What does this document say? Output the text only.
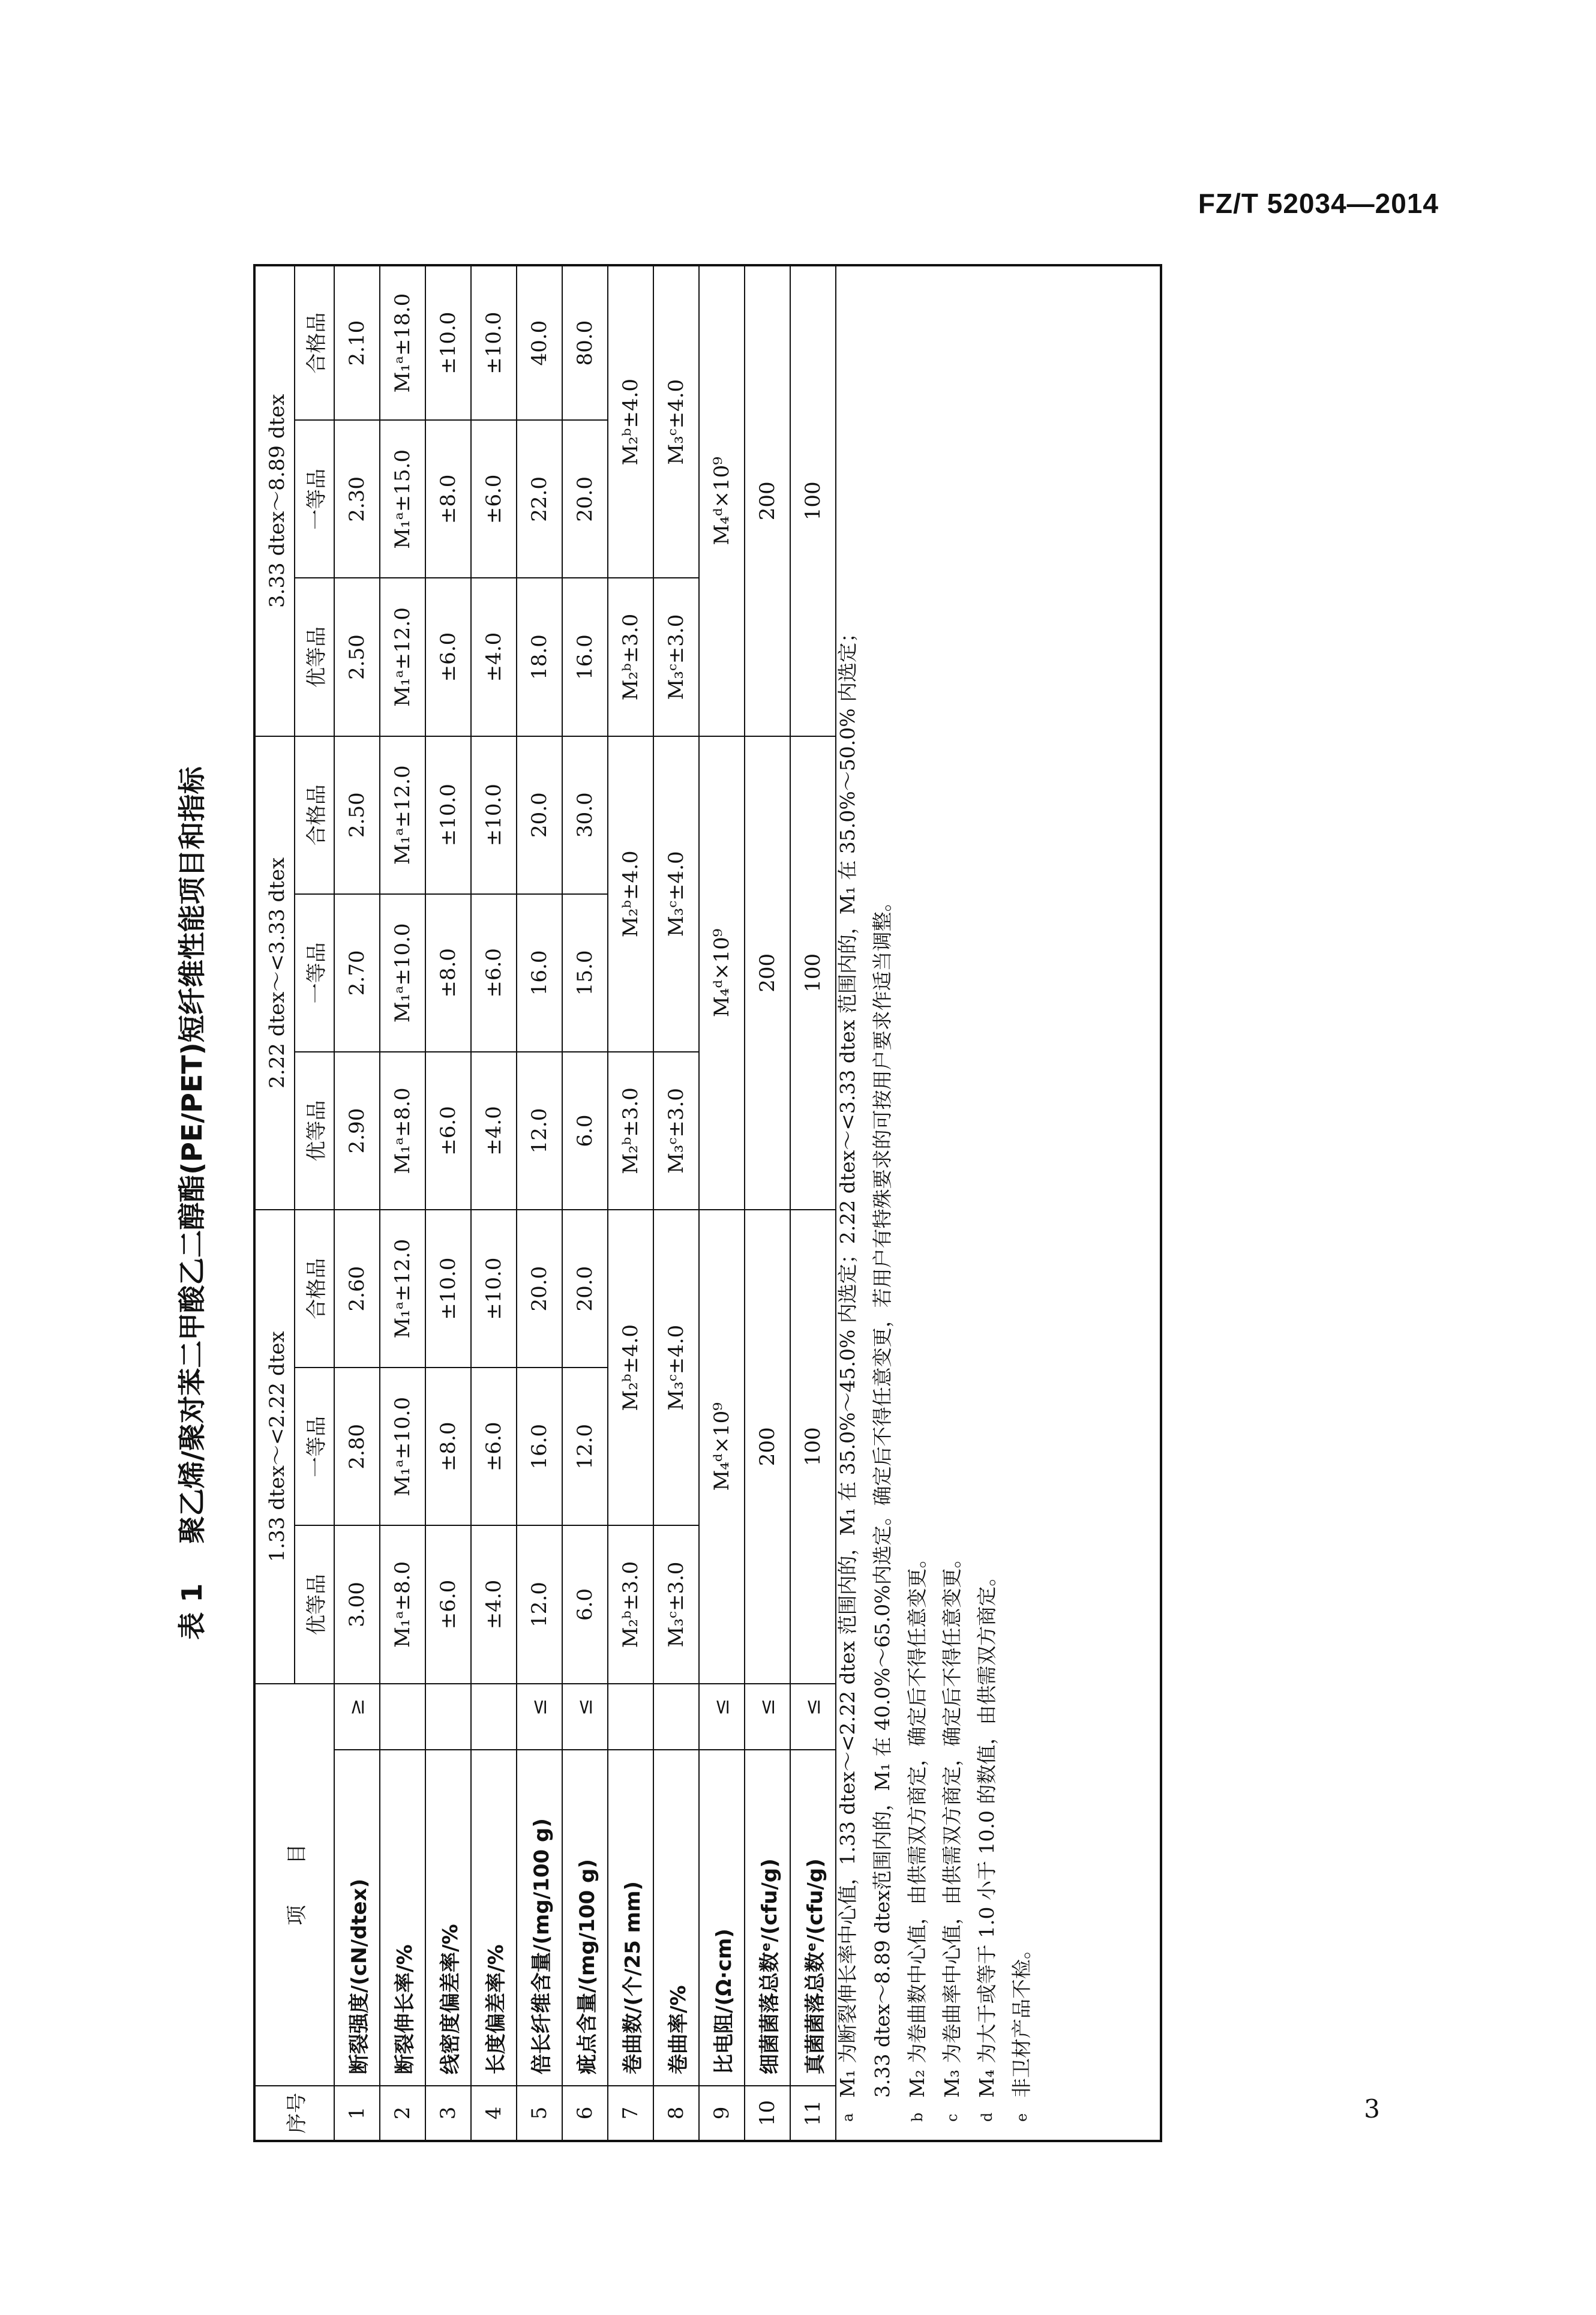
FZ/T 52034—2014
3
表 1 聚乙烯/聚对苯二甲酸乙二醇酯(PE/PET)短纤维性能项目和指标
序号	项　　目		1.33 dtex～<2.22 dtex			2.22 dtex～<3.33 dtex			3.33 dtex～8.89 dtex		
			优等品	一等品	合格品	优等品	一等品	合格品	优等品	一等品	合格品
1	断裂强度/(cN/dtex)	≥	3.00	2.80	2.60	2.90	2.70	2.50	2.50	2.30	2.10
2	断裂伸长率/%		M₁ᵃ±8.0	M₁ᵃ±10.0	M₁ᵃ±12.0	M₁ᵃ±8.0	M₁ᵃ±10.0	M₁ᵃ±12.0	M₁ᵃ±12.0	M₁ᵃ±15.0	M₁ᵃ±18.0
3	线密度偏差率/%		±6.0	±8.0	±10.0	±6.0	±8.0	±10.0	±6.0	±8.0	±10.0
4	长度偏差率/%		±4.0	±6.0	±10.0	±4.0	±6.0	±10.0	±4.0	±6.0	±10.0
5	倍长纤维含量/(mg/100 g)	≤	12.0	16.0	20.0	12.0	16.0	20.0	18.0	22.0	40.0
6	疵点含量/(mg/100 g)	≤	6.0	12.0	20.0	6.0	15.0	30.0	16.0	20.0	80.0
7	卷曲数/(个/25 mm)		M₂ᵇ±3.0	M₂ᵇ±4.0		M₂ᵇ±3.0	M₂ᵇ±4.0		M₂ᵇ±3.0	M₂ᵇ±4.0	
8	卷曲率/%		M₃ᶜ±3.0	M₃ᶜ±4.0		M₃ᶜ±3.0	M₃ᶜ±4.0		M₃ᶜ±3.0	M₃ᶜ±4.0	
9	比电阻/(Ω·cm)	≤	M₄ᵈ×10⁹			M₄ᵈ×10⁹			M₄ᵈ×10⁹		
10	细菌菌落总数ᵉ/(cfu/g)	≤	200			200			200		
11	真菌菌落总数ᵉ/(cfu/g)	≤	100			100			100		
a
M₁ 为断裂伸长率中心值，1.33 dtex～<2.22 dtex 范围内的，M₁ 在 35.0%～45.0% 内选定；2.22 dtex～<3.33 dtex 范围内的，M₁ 在 35.0%～50.0% 内选定； 3.33 dtex～8.89 dtex范围内的，M₁ 在 40.0%～65.0%内选定。确定后不得任意变更，若用户有特殊要求的可按用户要求作适当调整。
b
M₂ 为卷曲数中心值，由供需双方商定，确定后不得任意变更。
c
M₃ 为卷曲率中心值，由供需双方商定，确定后不得任意变更。
d
M₄ 为大于或等于 1.0 小于 10.0 的数值，由供需双方商定。
e
非卫材产品不检。
